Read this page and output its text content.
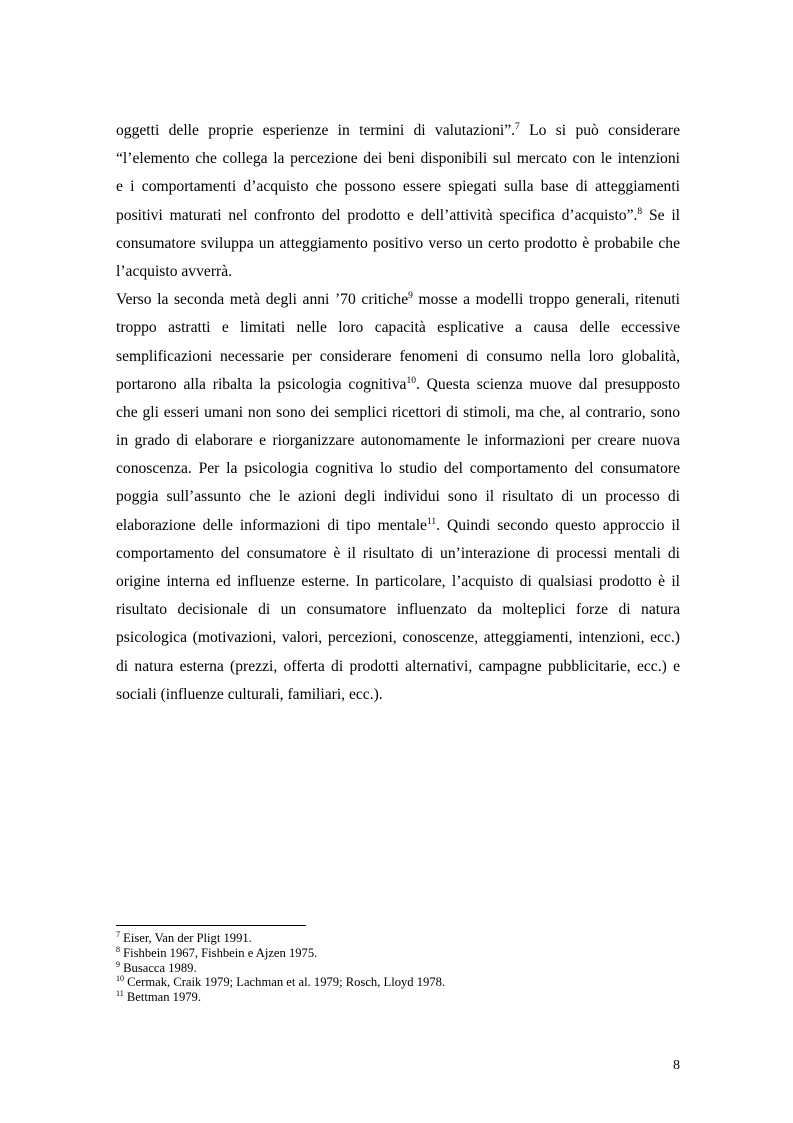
oggetti delle proprie esperienze in termini di valutazioni”.$^7$ Lo si può considerare
“l’elemento che collega la percezione dei beni disponibili sul mercato con le intenzioni
e i comportamenti d’acquisto che possono essere spiegati sulla base di atteggiamenti
positivi maturati nel confronto del prodotto e dell’attività specifica d’acquisto”.$^8$ Se il
consumatore sviluppa un atteggiamento positivo verso un certo prodotto è probabile che
l’acquisto avverrà.
Verso la seconda metà degli anni ’70 critiche$^9$ mosse a modelli troppo generali, ritenuti
troppo astratti e limitati nelle loro capacità esplicative a causa delle eccessive
semplificazioni necessarie per considerare fenomeni di consumo nella loro globalità,
portarono alla ribalta la psicologia cognitiva$^{10}$. Questa scienza muove dal presupposto
che gli esseri umani non sono dei semplici ricettori di stimoli, ma che, al contrario, sono
in grado di elaborare e riorganizzare autonomamente le informazioni per creare nuova
conoscenza. Per la psicologia cognitiva lo studio del comportamento del consumatore
poggia sull’assunto che le azioni degli individui sono il risultato di un processo di
elaborazione delle informazioni di tipo mentale$^{11}$. Quindi secondo questo approccio il
comportamento del consumatore è il risultato di un’interazione di processi mentali di
origine interna ed influenze esterne. In particolare, l’acquisto di qualsiasi prodotto è il
risultato decisionale di un consumatore influenzato da molteplici forze di natura
psicologica (motivazioni, valori, percezioni, conoscenze, atteggiamenti, intenzioni, ecc.)
di natura esterna (prezzi, offerta di prodotti alternativi, campagne pubblicitarie, ecc.) e
sociali (influenze culturali, familiari, ecc.).
$^7$ Eiser, Van der Pligt 1991.
$^8$ Fishbein 1967, Fishbein e Ajzen 1975.
$^9$ Busacca 1989.
$^{10}$ Cermak, Craik 1979; Lachman et al. 1979; Rosch, Lloyd 1978.
$^{11}$ Bettman 1979.
8
